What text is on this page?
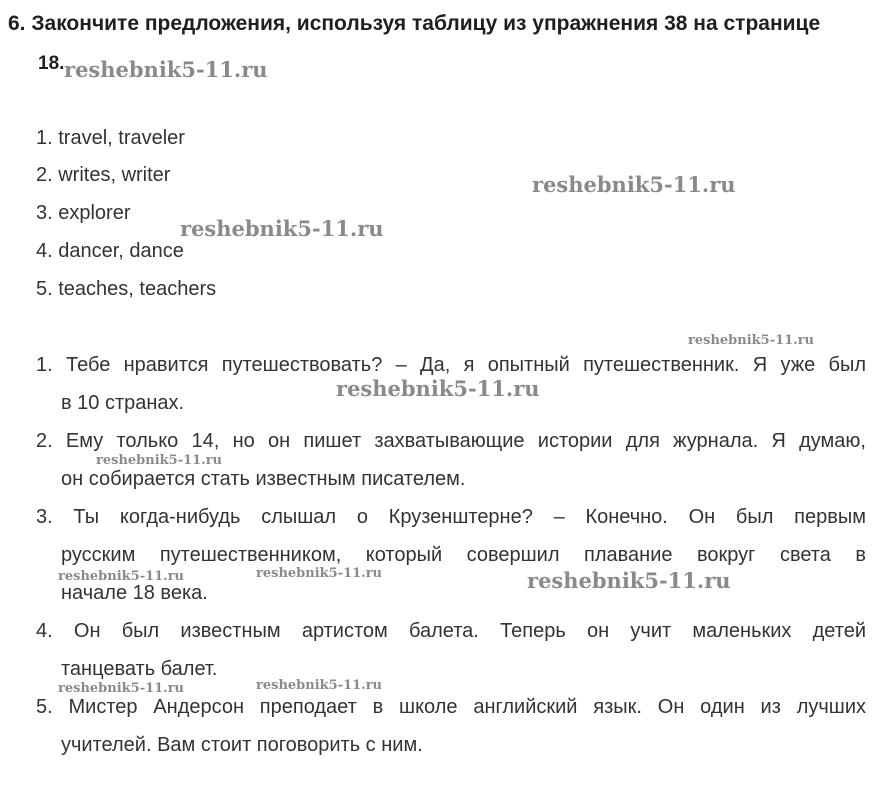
6. Закончите предложения, используя таблицу из упражнения 38 на странице
18.
1. travel, traveler
2. writes, writer
3. explorer
4. dancer, dance
5. teaches, teachers
1. Тебе нравится путешествовать? – Да, я опытный путешественник. Я уже был
в 10 странах.
2. Ему только 14, но он пишет захватывающие истории для журнала. Я думаю,
он собирается стать известным писателем.
3. Ты когда-нибудь слышал о Крузенштерне? – Конечно. Он был первым
русским путешественником, который совершил плавание вокруг света в
начале 18 века.
4. Он был известным артистом балета. Теперь он учит маленьких детей
танцевать балет.
5. Мистер Андерсон преподает в школе английский язык. Он один из лучших
учителей. Вам стоит поговорить с ним.
reshebnik5-11.ru
reshebnik5-11.ru
reshebnik5-11.ru
reshebnik5-11.ru
reshebnik5-11.ru
reshebnik5-11.ru
reshebnik5-11.ru	reshebnik5-11.ru	reshebnik5-11.ru
reshebnik5-11.ru	reshebnik5-11.ru
